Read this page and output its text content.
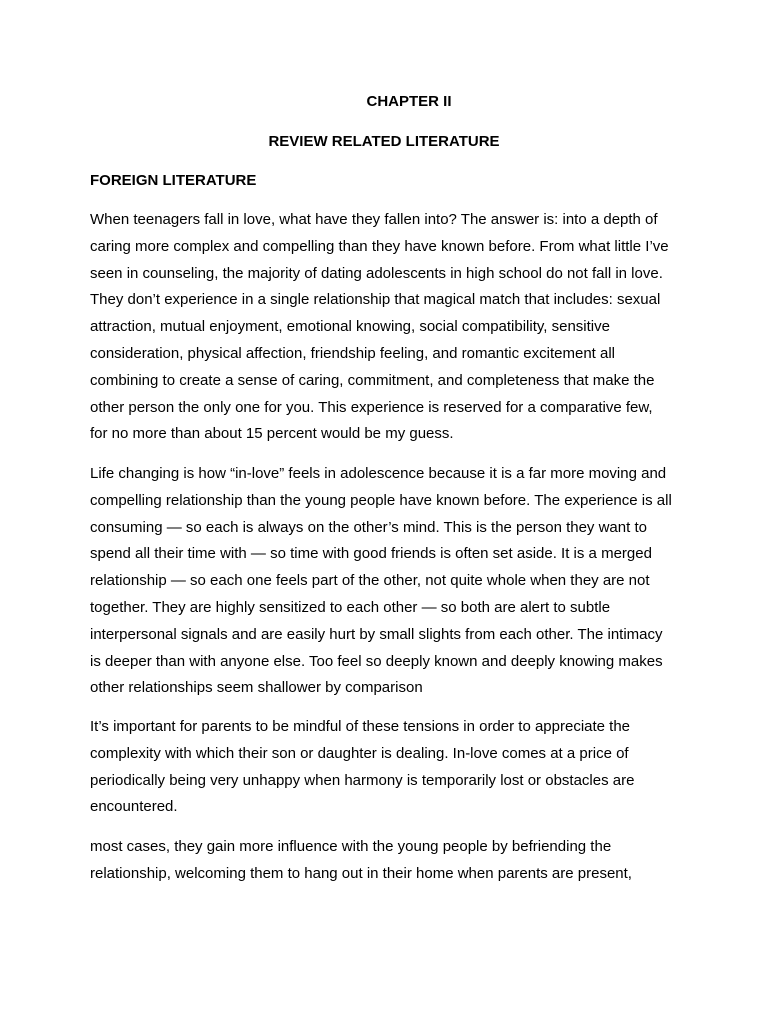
CHAPTER II
REVIEW RELATED LITERATURE
FOREIGN LITERATURE
When teenagers fall in love, what have they fallen into? The answer is: into a depth of
caring more complex and compelling than they have known before. From what little I’ve
seen in counseling, the majority of dating adolescents in high school do not fall in love.
They don’t experience in a single relationship that magical match that includes: sexual
attraction, mutual enjoyment, emotional knowing, social compatibility, sensitive
consideration, physical affection, friendship feeling, and romantic excitement all
combining to create a sense of caring, commitment, and completeness that make the
other person the only one for you. This experience is reserved for a comparative few,
for no more than about 15 percent would be my guess.
Life changing is how “in-love” feels in adolescence because it is a far more moving and
compelling relationship than the young people have known before. The experience is all
consuming — so each is always on the other’s mind. This is the person they want to
spend all their time with — so time with good friends is often set aside. It is a merged
relationship — so each one feels part of the other, not quite whole when they are not
together. They are highly sensitized to each other — so both are alert to subtle
interpersonal signals and are easily hurt by small slights from each other. The intimacy
is deeper than with anyone else. Too feel so deeply known and deeply knowing makes
other relationships seem shallower by comparison
It’s important for parents to be mindful of these tensions in order to appreciate the
complexity with which their son or daughter is dealing. In-love comes at a price of
periodically being very unhappy when harmony is temporarily lost or obstacles are
encountered.
most cases, they gain more influence with the young people by befriending the
relationship, welcoming them to hang out in their home when parents are present,
